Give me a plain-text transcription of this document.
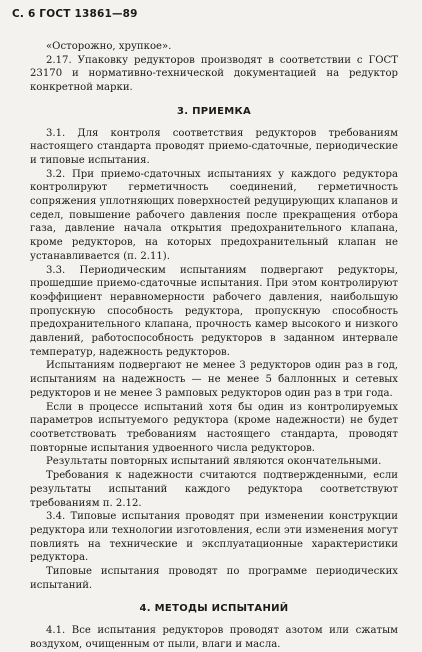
С. 6 ГОСТ 13861—89

«Осторожно, хрупкое».

2.17. Упаковку редукторов производят в соответствии с ГОСТ 23170 и нормативно-технической документацией на редуктор конкретной марки.

3. ПРИЕМКА

3.1. Для контроля соответствия редукторов требованиям настоящего стандарта проводят приемо-сдаточные, периодические и типовые испытания.

3.2. При приемо-сдаточных испытаниях у каждого редуктора контролируют герметичность соединений, герметичность сопряжения уплотняющих поверхностей редуцирующих клапанов и седел, повышение рабочего давления после прекращения отбора газа, давление начала открытия предохранительного клапана, кроме редукторов, на которых предохранительный клапан не устанавливается (п. 2.11).

3.3. Периодическим испытаниям подвергают редукторы, прошедшие приемо-сдаточные испытания. При этом контролируют коэффициент неравномерности рабочего давления, наибольшую пропускную способность редуктора, пропускную способность предохранительного клапана, прочность камер высокого и низкого давлений, работоспособность редукторов в заданном интервале температур, надежность редукторов.

Испытаниям подвергают не менее 3 редукторов один раз в год, испытаниям на надежность — не менее 5 баллонных и сетевых редукторов и не менее 3 рамповых редукторов один раз в три года.

Если в процессе испытаний хотя бы один из контролируемых параметров испытуемого редуктора (кроме надежности) не будет соответствовать требованиям настоящего стандарта, проводят повторные испытания удвоенного числа редукторов.

Результаты повторных испытаний являются окончательными.

Требования к надежности считаются подтвержденными, если результаты испытаний каждого редуктора соответствуют требованиям п. 2.12.

3.4. Типовые испытания проводят при изменении конструкции редуктора или технологии изготовления, если эти изменения могут повлиять на технические и эксплуатационные характеристики редуктора.

Типовые испытания проводят по программе периодических испытаний.

4. МЕТОДЫ ИСПЫТАНИЙ

4.1. Все испытания редукторов проводят азотом или сжатым воздухом, очищенным от пыли, влаги и масла.
